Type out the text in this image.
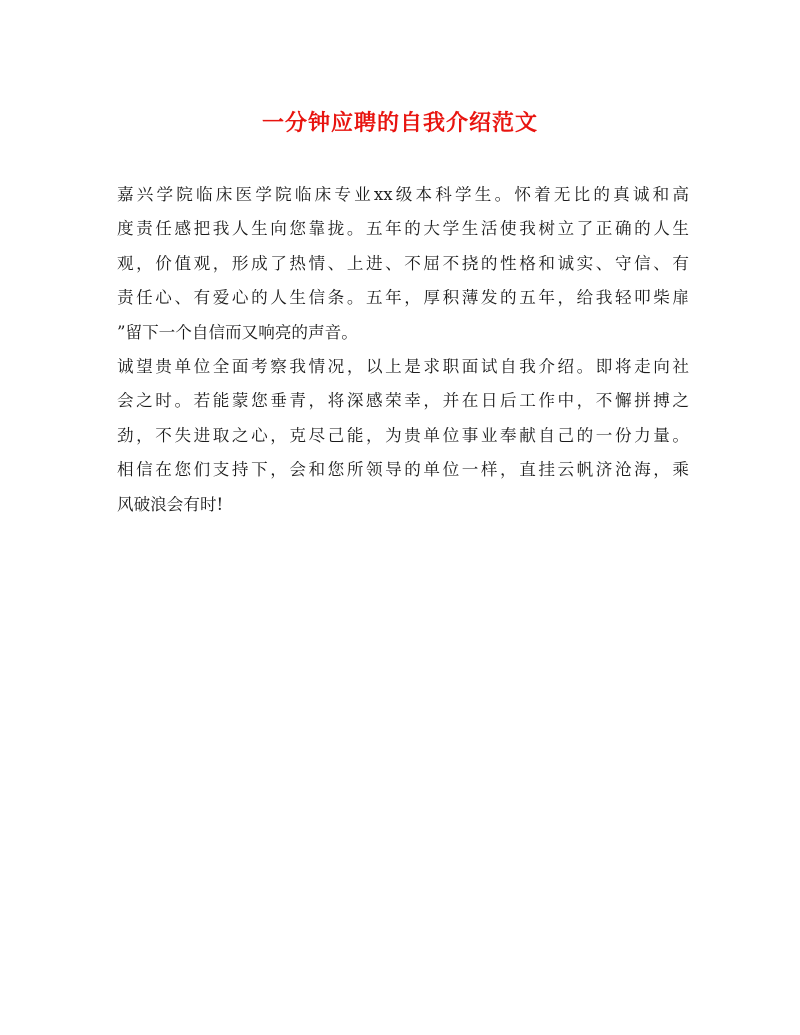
一分钟应聘的自我介绍范文
嘉兴学院临床医学院临床专业xx级本科学生。怀着无比的真诚和高
度责任感把我人生向您靠拢。五年的大学生活使我树立了正确的人生
观，价值观，形成了热情、上进、不屈不挠的性格和诚实、守信、有
责任心、有爱心的人生信条。五年，厚积薄发的五年，给我轻叩柴扉
”留下一个自信而又响亮的声音。
诚望贵单位全面考察我情况，以上是求职面试自我介绍。即将走向社
会之时。若能蒙您垂青，将深感荣幸，并在日后工作中，不懈拼搏之
劲，不失进取之心，克尽己能，为贵单位事业奉献自己的一份力量。
相信在您们支持下，会和您所领导的单位一样，直挂云帆济沧海，乘
风破浪会有时!
